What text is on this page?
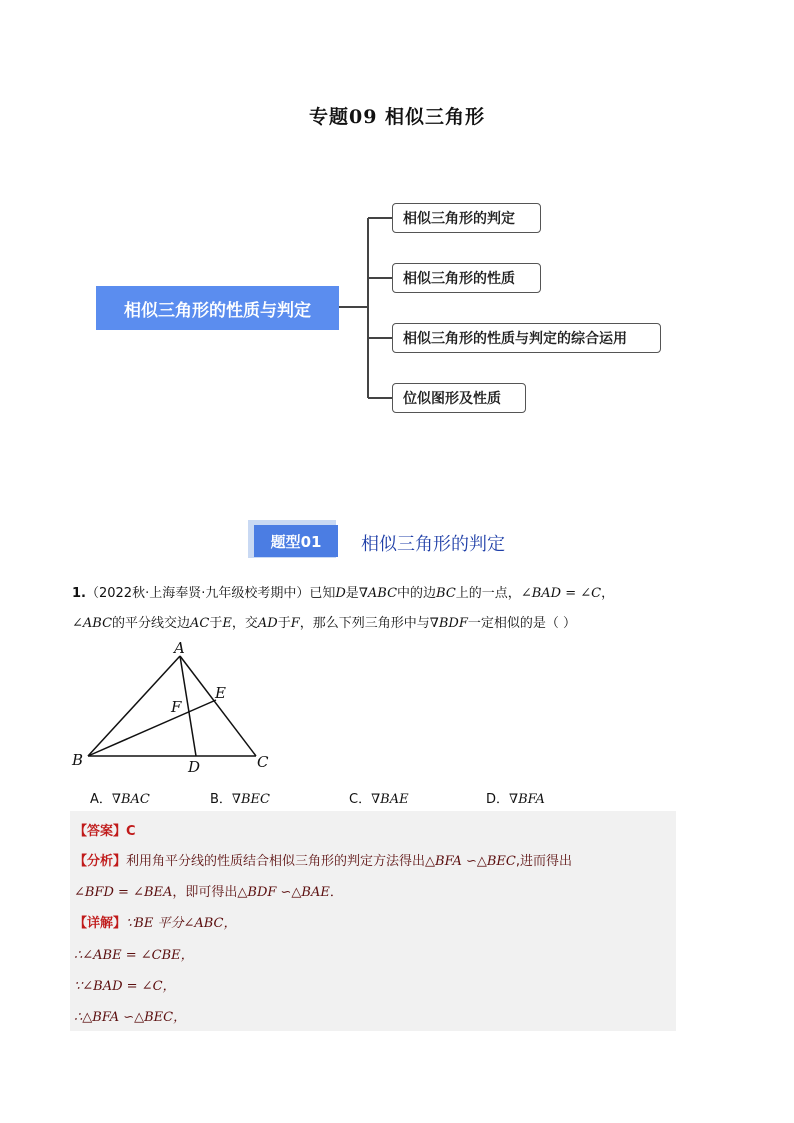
专题09 相似三角形
相似三角形的性质与判定
相似三角形的判定
相似三角形的性质
相似三角形的性质与判定的综合运用
位似图形及性质
题型01	相似三角形的判定
1.（2022秋·上海奉贤·九年级校考期中）已知D是∇ABC中的边BC上的一点，∠BAD = ∠C，
∠ABC的平分线交边AC于E，交AD于F，那么下列三角形中与∇BDF一定相似的是（ ）
A
B	C
D
E
F
A．∇BAC	B．∇BEC	C．∇BAE	D．∇BFA
【答案】C
【分析】利用角平分线的性质结合相似三角形的判定方法得出△BFA ∽△BEC,进而得出
∠BFD = ∠BEA，即可得出△BDF ∽△BAE．
【详解】∵BE 平分∠ABC，
∴∠ABE = ∠CBE，
∵∠BAD = ∠C，
∴△BFA ∽△BEC，
